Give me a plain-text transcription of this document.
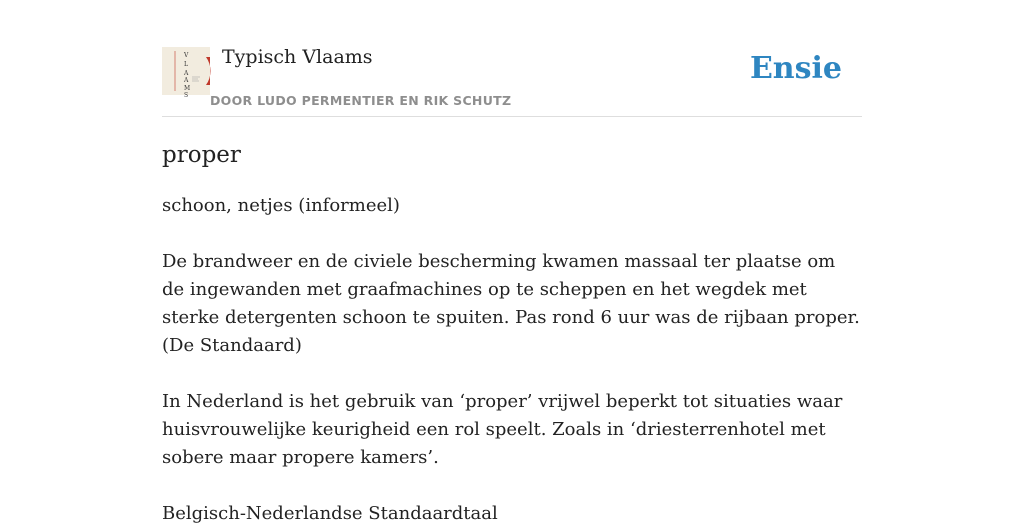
V
L
A
A
M
S
Typisch Vlaams
DOOR LUDO PERMENTIER EN RIK SCHUTZ
Ensie
proper
schoon, netjes (informeel)

De brandweer en de civiele bescherming kwamen massaal ter plaatse om de ingewanden met graafmachines op te scheppen en het wegdek met sterke detergenten schoon te spuiten. Pas rond 6 uur was de rijbaan proper.
(De Standaard)

In Nederland is het gebruik van ‘proper’ vrijwel beperkt tot situaties waar huisvrouwelijke keurigheid een rol speelt. Zoals in ‘driesterrenhotel met sobere maar propere kamers’.

Belgisch-Nederlandse Standaardtaal
